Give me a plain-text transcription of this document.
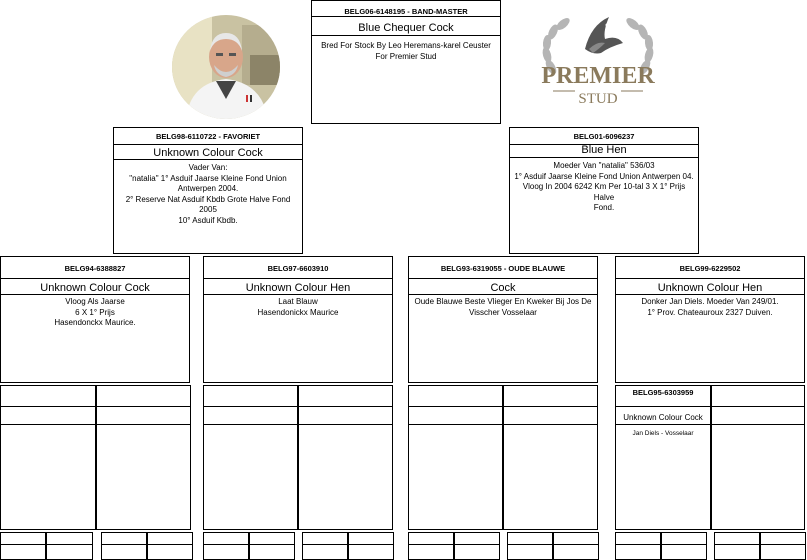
BELG06-6148195 - BAND-MASTER
Blue Chequer Cock
Bred For Stock By Leo Heremans-karel Ceuster
For Premier Stud
PREMIER
STUD
BELG98-6110722 - FAVORIET
Unknown Colour Cock
Vader Van:
"natalia" 1° Asduif Jaarse Kleine Fond Union
Antwerpen 2004.
2° Reserve Nat Asduif Kbdb Grote Halve Fond 2005
10° Asduif Kbdb.
BELG01-6096237
Blue Hen
Moeder Van "natalia" 536/03
1° Asduif Jaarse Kleine Fond Union Antwerpen 04.
Vloog In 2004 6242 Km Per 10-tal 3 X 1° Prijs Halve
Fond.
BELG94-6388827
Unknown Colour Cock
Vloog Als Jaarse
6 X 1° Prijs
Hasendonckx Maurice.
BELG97-6603910
Unknown Colour Hen
Laat Blauw
Hasendonickx Maurice
BELG93-6319055 - OUDE BLAUWE
Cock
Oude Blauwe Beste Vlieger En Kweker Bij Jos De
Visscher Vosselaar
BELG99-6229502
Unknown Colour Hen
Donker Jan Diels. Moeder Van 249/01.
1° Prov. Chateauroux 2327 Duiven.
BELG95-6303959
Unknown Colour Cock
Jan Diels - Vosselaar
